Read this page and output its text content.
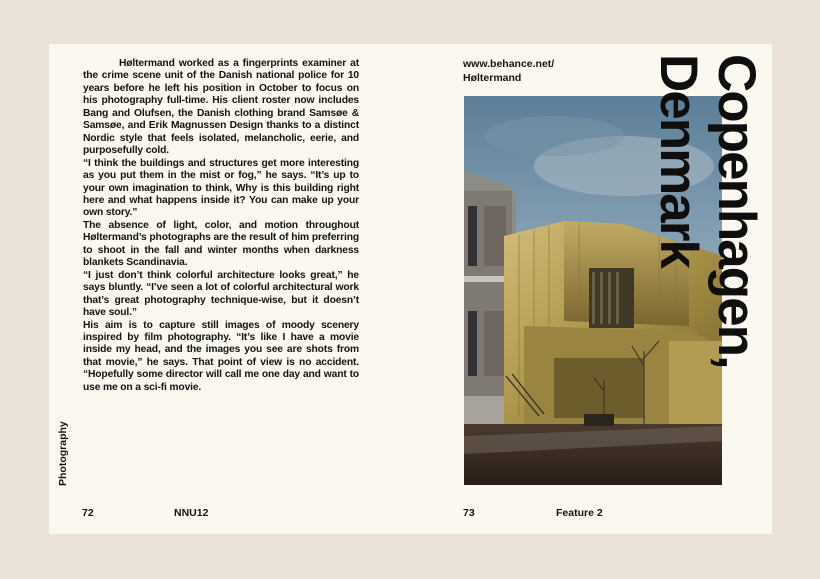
Høltermand worked as a fingerprints examiner at the crime scene unit of the Danish national police for 10 years before he left his position in October to focus on his photography full-time. His client roster now includes Bang and Olufsen, the Danish clothing brand Samsøe & Samsøe, and Erik Magnussen Design thanks to a distinct Nordic style that feels isolated, melancholic, eerie, and purposefully cold.

“I think the buildings and structures get more interesting as you put them in the mist or fog,” he says. “It’s up to your own imagination to think, Why is this building right here and what happens inside it? You can make up your own story.”

The absence of light, color, and motion throughout Høltermand’s photographs are the result of him preferring to shoot in the fall and winter months when darkness blankets Scandinavia.

“I just don’t think colorful architecture looks great,” he says bluntly. “I’ve seen a lot of colorful architectural work that’s great photography technique-wise, but it doesn’t have soul.”

His aim is to capture still images of moody scenery inspired by film photography. “It’s like I have a movie inside my head, and the images you see are shots from that movie,” he says. That point of view is no accident. “Hopefully some director will call me one day and want to use me on a sci-fi movie.

Photography
72	NNU12
www.behance.net/
Høltermand	Copenhagen,
Denmark
73	Feature 2
